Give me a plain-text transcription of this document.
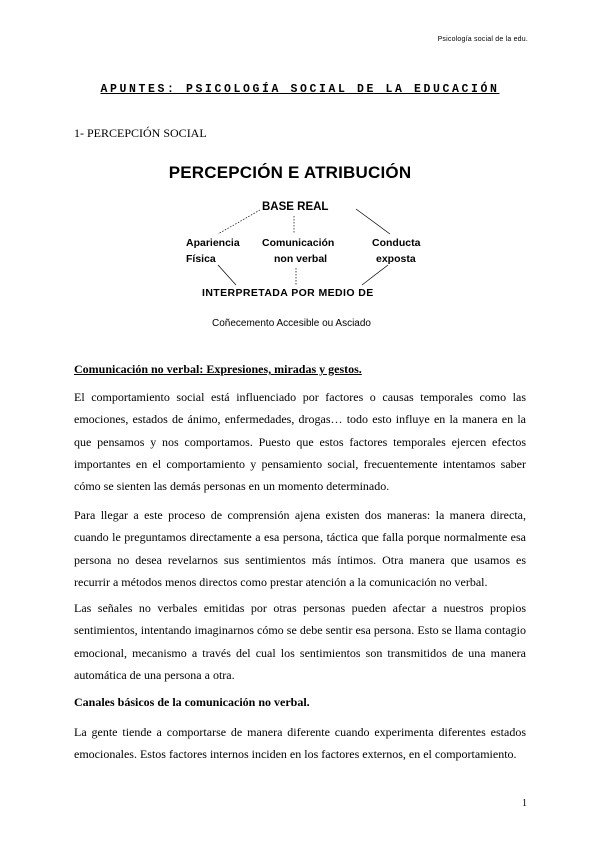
Psicología social de la edu.
APUNTES: PSICOLOGÍA SOCIAL DE LA EDUCACIÓN
1- PERCEPCIÓN SOCIAL
PERCEPCIÓN E ATRIBUCIÓN
BASE REAL
Apariencia
Física
Comunicación
non verbal
Conducta
exposta
INTERPRETADA POR MEDIO DE
Coñecemento Accesible ou Asciado
Comunicación no verbal: Expresiones, miradas y gestos.

El comportamiento social está influenciado por factores o causas temporales como las emociones, estados de ánimo, enfermedades, drogas… todo esto influye en la manera en la que pensamos y nos comportamos. Puesto que estos factores temporales ejercen efectos importantes en el comportamiento y pensamiento social, frecuentemente intentamos saber cómo se sienten las demás personas en un momento determinado.

Para llegar a este proceso de comprensión ajena existen dos maneras: la manera directa, cuando le preguntamos directamente a esa persona, táctica que falla porque normalmente esa persona no desea revelarnos sus sentimientos más íntimos. Otra manera que usamos es recurrir a métodos menos directos como prestar atención a la comunicación no verbal.

Las señales no verbales emitidas por otras personas pueden afectar a nuestros propios sentimientos, intentando imaginarnos cómo se debe sentir esa persona. Esto se llama contagio emocional, mecanismo a través del cual los sentimientos son transmitidos de una manera automática de una persona a otra.

Canales básicos de la comunicación no verbal.

La gente tiende a comportarse de manera diferente cuando experimenta diferentes estados emocionales. Estos factores internos inciden en los factores externos, en el comportamiento.

1
